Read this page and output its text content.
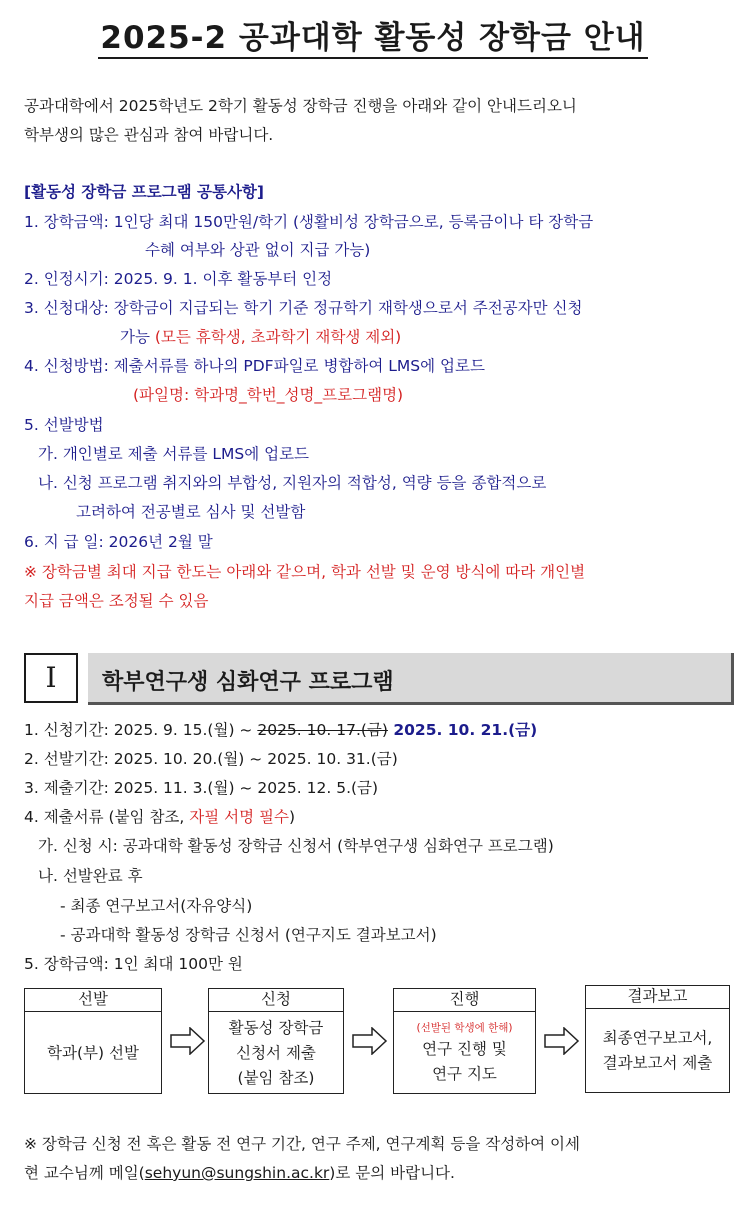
2025-2 공과대학 활동성 장학금 안내
공과대학에서 2025학년도 2학기 활동성 장학금 진행을 아래와 같이 안내드리오니
학부생의 많은 관심과 참여 바랍니다.
[활동성 장학금 프로그램 공통사항]
1. 장학금액: 1인당 최대 150만원/학기 (생활비성 장학금으로, 등록금이나 타 장학금
수혜 여부와 상관 없이 지급 가능)
2. 인정시기: 2025. 9. 1. 이후 활동부터 인정
3. 신청대상: 장학금이 지급되는 학기 기준 정규학기 재학생으로서 주전공자만 신청
가능 (모든 휴학생, 초과학기 재학생 제외)
4. 신청방법: 제출서류를 하나의 PDF파일로 병합하여 LMS에 업로드
(파일명: 학과명_학번_성명_프로그램명)
5. 선발방법
가. 개인별로 제출 서류를 LMS에 업로드
나. 신청 프로그램 취지와의 부합성, 지원자의 적합성, 역량 등을 종합적으로
고려하여 전공별로 심사 및 선발함
6. 지 급 일: 2026년 2월 말
※ 장학금별 최대 지급 한도는 아래와 같으며, 학과 선발 및 운영 방식에 따라 개인별
지급 금액은 조정될 수 있음
I	학부연구생 심화연구 프로그램
1. 신청기간: 2025. 9. 15.(월) ~ 2025. 10. 17.(금) 2025. 10. 21.(금)
2. 선발기간: 2025. 10. 20.(월) ~ 2025. 10. 31.(금)
3. 제출기간: 2025. 11. 3.(월) ~ 2025. 12. 5.(금)
4. 제출서류 (붙임 참조, 자필 서명 필수)
가. 신청 시: 공과대학 활동성 장학금 신청서 (학부연구생 심화연구 프로그램)
나. 선발완료 후
- 최종 연구보고서(자유양식)
- 공과대학 활동성 장학금 신청서 (연구지도 결과보고서)
5. 장학금액: 1인 최대 100만 원
선발
학과(부) 선발
신청
활동성 장학금
신청서 제출
(붙임 참조)
진행
(선발된 학생에 한해)
연구 진행 및
연구 지도
결과보고
최종연구보고서,
결과보고서 제출
※ 장학금 신청 전 혹은 활동 전 연구 기간, 연구 주제, 연구계획 등을 작성하여 이세
현 교수님께 메일(sehyun@sungshin.ac.kr)로 문의 바랍니다.
